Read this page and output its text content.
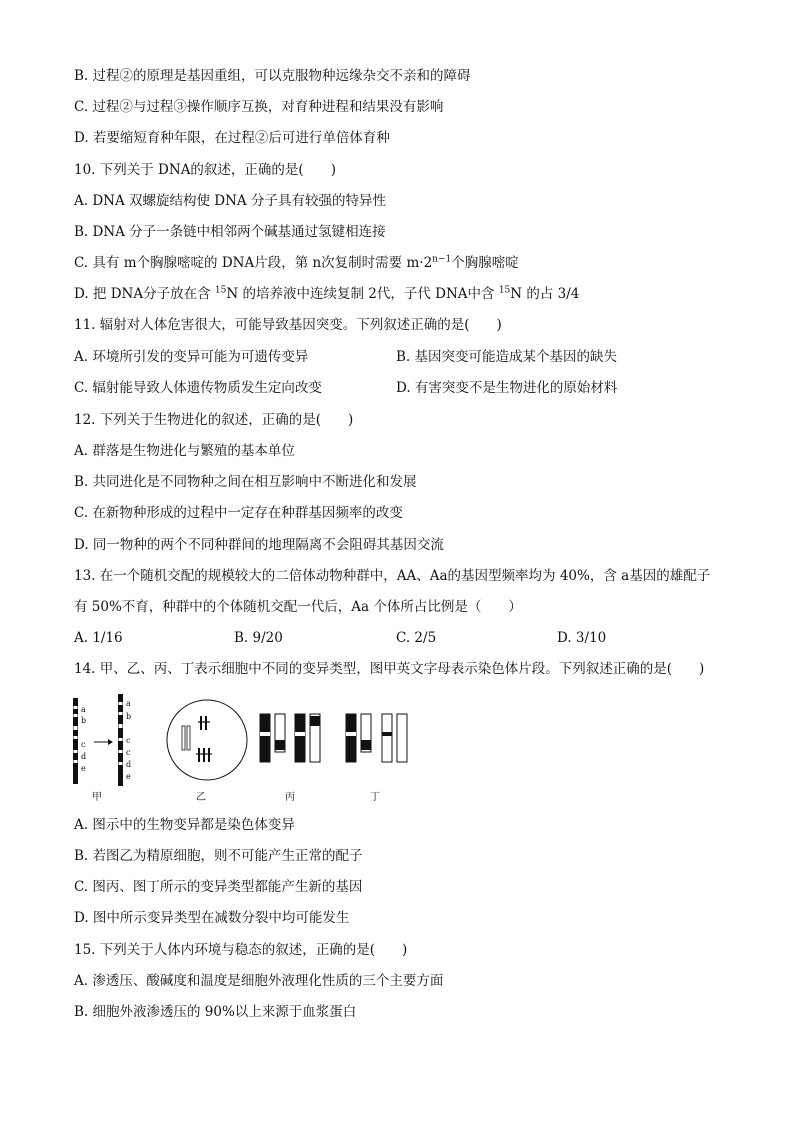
B. 过程②的原理是基因重组，可以克服物种远缘杂交不亲和的障碍
C. 过程②与过程③操作顺序互换，对育种进程和结果没有影响
D. 若要缩短育种年限，在过程②后可进行单倍体育种
10. 下列关于 DNA的叙述，正确的是(　　)
A. DNA 双螺旋结构使 DNA 分子具有较强的特异性
B. DNA 分子一条链中相邻两个碱基通过氢键相连接
C. 具有 m个胸腺嘧啶的 DNA片段，第 n次复制时需要 $m\cdot 2^{n-1}$个胸腺嘧啶
D. 把 DNA分子放在含 $^{15}$N 的培养液中连续复制 2代，子代 DNA中含 $^{15}$N 的占 3/4
11. 辐射对人体危害很大，可能导致基因突变。下列叙述正确的是(　　)
A. 环境所引发的变异可能为可遗传变异	B. 基因突变可能造成某个基因的缺失
C. 辐射能导致人体遗传物质发生定向改变	D. 有害突变不是生物进化的原始材料
12. 下列关于生物进化的叙述，正确的是(　　)
A. 群落是生物进化与繁殖的基本单位
B. 共同进化是不同物种之间在相互影响中不断进化和发展
C. 在新物种形成的过程中一定存在种群基因频率的改变
D. 同一物种的两个不同种群间的地理隔离不会阻碍其基因交流
13. 在一个随机交配的规模较大的二倍体动物种群中，AA、Aa的基因型频率均为 40%，含 a基因的雄配子
有 50%不育，种群中的个体随机交配一代后，Aa 个体所占比例是（　　）
A. 1/16	B. 9/20	C. 2/5	D. 3/10
14. 甲、乙、丙、丁表示细胞中不同的变异类型，图甲英文字母表示染色体片段。下列叙述正确的是(　　)
a
b
c
d
e
a
b
c
c
d
e
甲	乙	丙	丁
A. 图示中的生物变异都是染色体变异
B. 若图乙为精原细胞，则不可能产生正常的配子
C. 图丙、图丁所示的变异类型都能产生新的基因
D. 图中所示变异类型在减数分裂中均可能发生
15. 下列关于人体内环境与稳态的叙述，正确的是(　　)
A. 渗透压、酸碱度和温度是细胞外液理化性质的三个主要方面
B. 细胞外液渗透压的 90%以上来源于血浆蛋白
